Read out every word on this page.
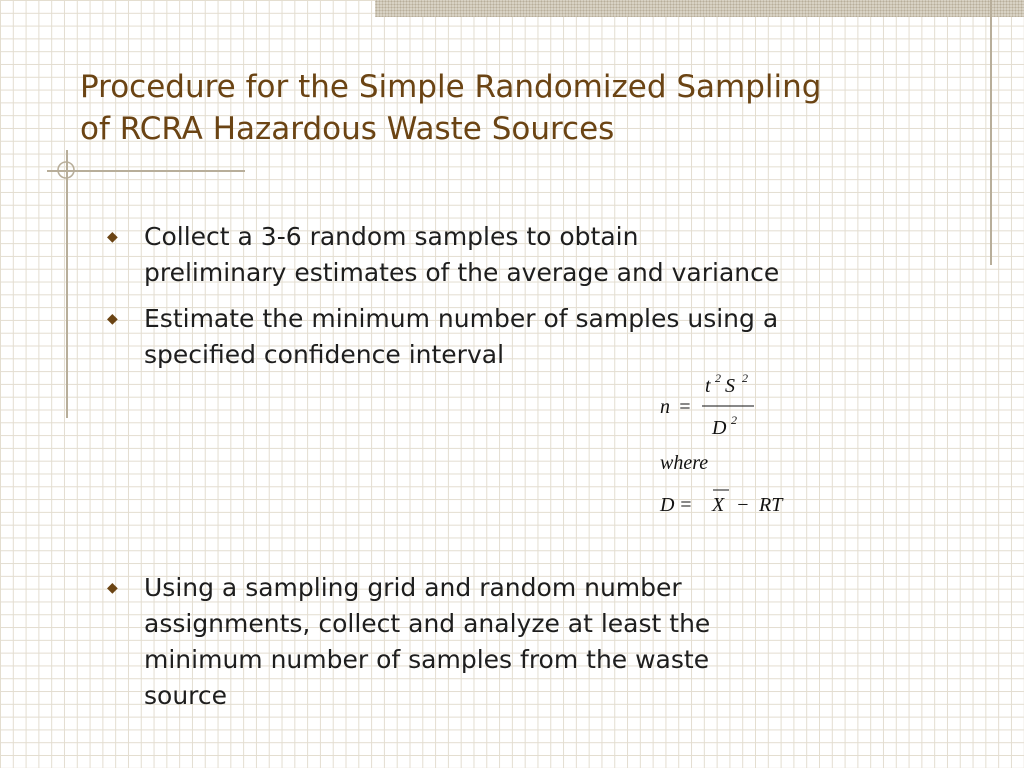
Procedure for the Simple Randomized Sampling
of RCRA Hazardous Waste Sources
◆	Collect a 3-6 random samples to obtain
preliminary estimates of the average and variance
◆	Estimate the minimum number of samples using a
specified confidence interval
◆	Using a sampling grid and random number
assignments, collect and analyze at least the
minimum number of samples from the waste
source
t 2 S 2
n =
D 2
where
D = X − RT
